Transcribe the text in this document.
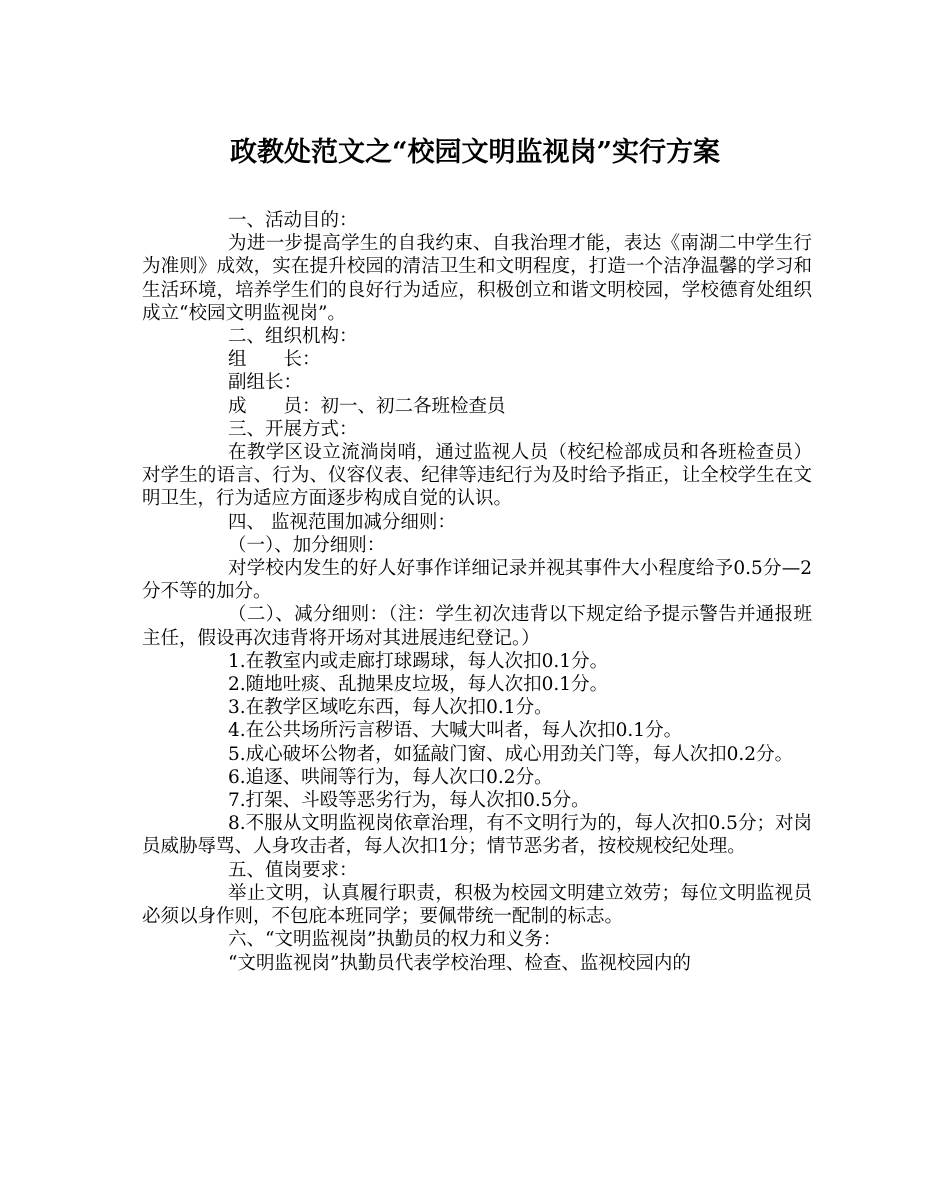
政教处范文之“校园文明监视岗”实行方案

一、活动目的：

为进一步提高学生的自我约束、自我治理才能，表达《南湖二中学生行为准则》成效，实在提升校园的清洁卫生和文明程度，打造一个洁净温馨的学习和生活环境，培养学生们的良好行为适应，积极创立和谐文明校园，学校德育处组织成立“校园文明监视岗”。

二、组织机构：

组　　长：

副组长：

成　　员：初一、初二各班检查员

三、开展方式：

在教学区设立流淌岗哨，通过监视人员（校纪检部成员和各班检查员）对学生的语言、行为、仪容仪表、纪律等违纪行为及时给予指正，让全校学生在文明卫生，行为适应方面逐步构成自觉的认识。

四、 监视范围加减分细则：

（一）、加分细则：

对学校内发生的好人好事作详细记录并视其事件大小程度给予0.5分—2分不等的加分。

（二）、减分细则：（注：学生初次违背以下规定给予提示警告并通报班主任，假设再次违背将开场对其进展违纪登记。）

1.在教室内或走廊打球踢球，每人次扣0.1分。

2.随地吐痰、乱抛果皮垃圾，每人次扣0.1分。

3.在教学区域吃东西，每人次扣0.1分。

4.在公共场所污言秽语、大喊大叫者，每人次扣0.1分。

5.成心破坏公物者，如猛敲门窗、成心用劲关门等，每人次扣0.2分。

6.追逐、哄闹等行为，每人次口0.2分。

7.打架、斗殴等恶劣行为，每人次扣0.5分。

8.不服从文明监视岗依章治理，有不文明行为的，每人次扣0.5分；对岗员威胁辱骂、人身攻击者，每人次扣1分；情节恶劣者，按校规校纪处理。

五、值岗要求：

举止文明，认真履行职责，积极为校园文明建立效劳；每位文明监视员必须以身作则，不包庇本班同学；要佩带统一配制的标志。

六、“文明监视岗”执勤员的权力和义务：

“文明监视岗”执勤员代表学校治理、检查、监视校园内的
